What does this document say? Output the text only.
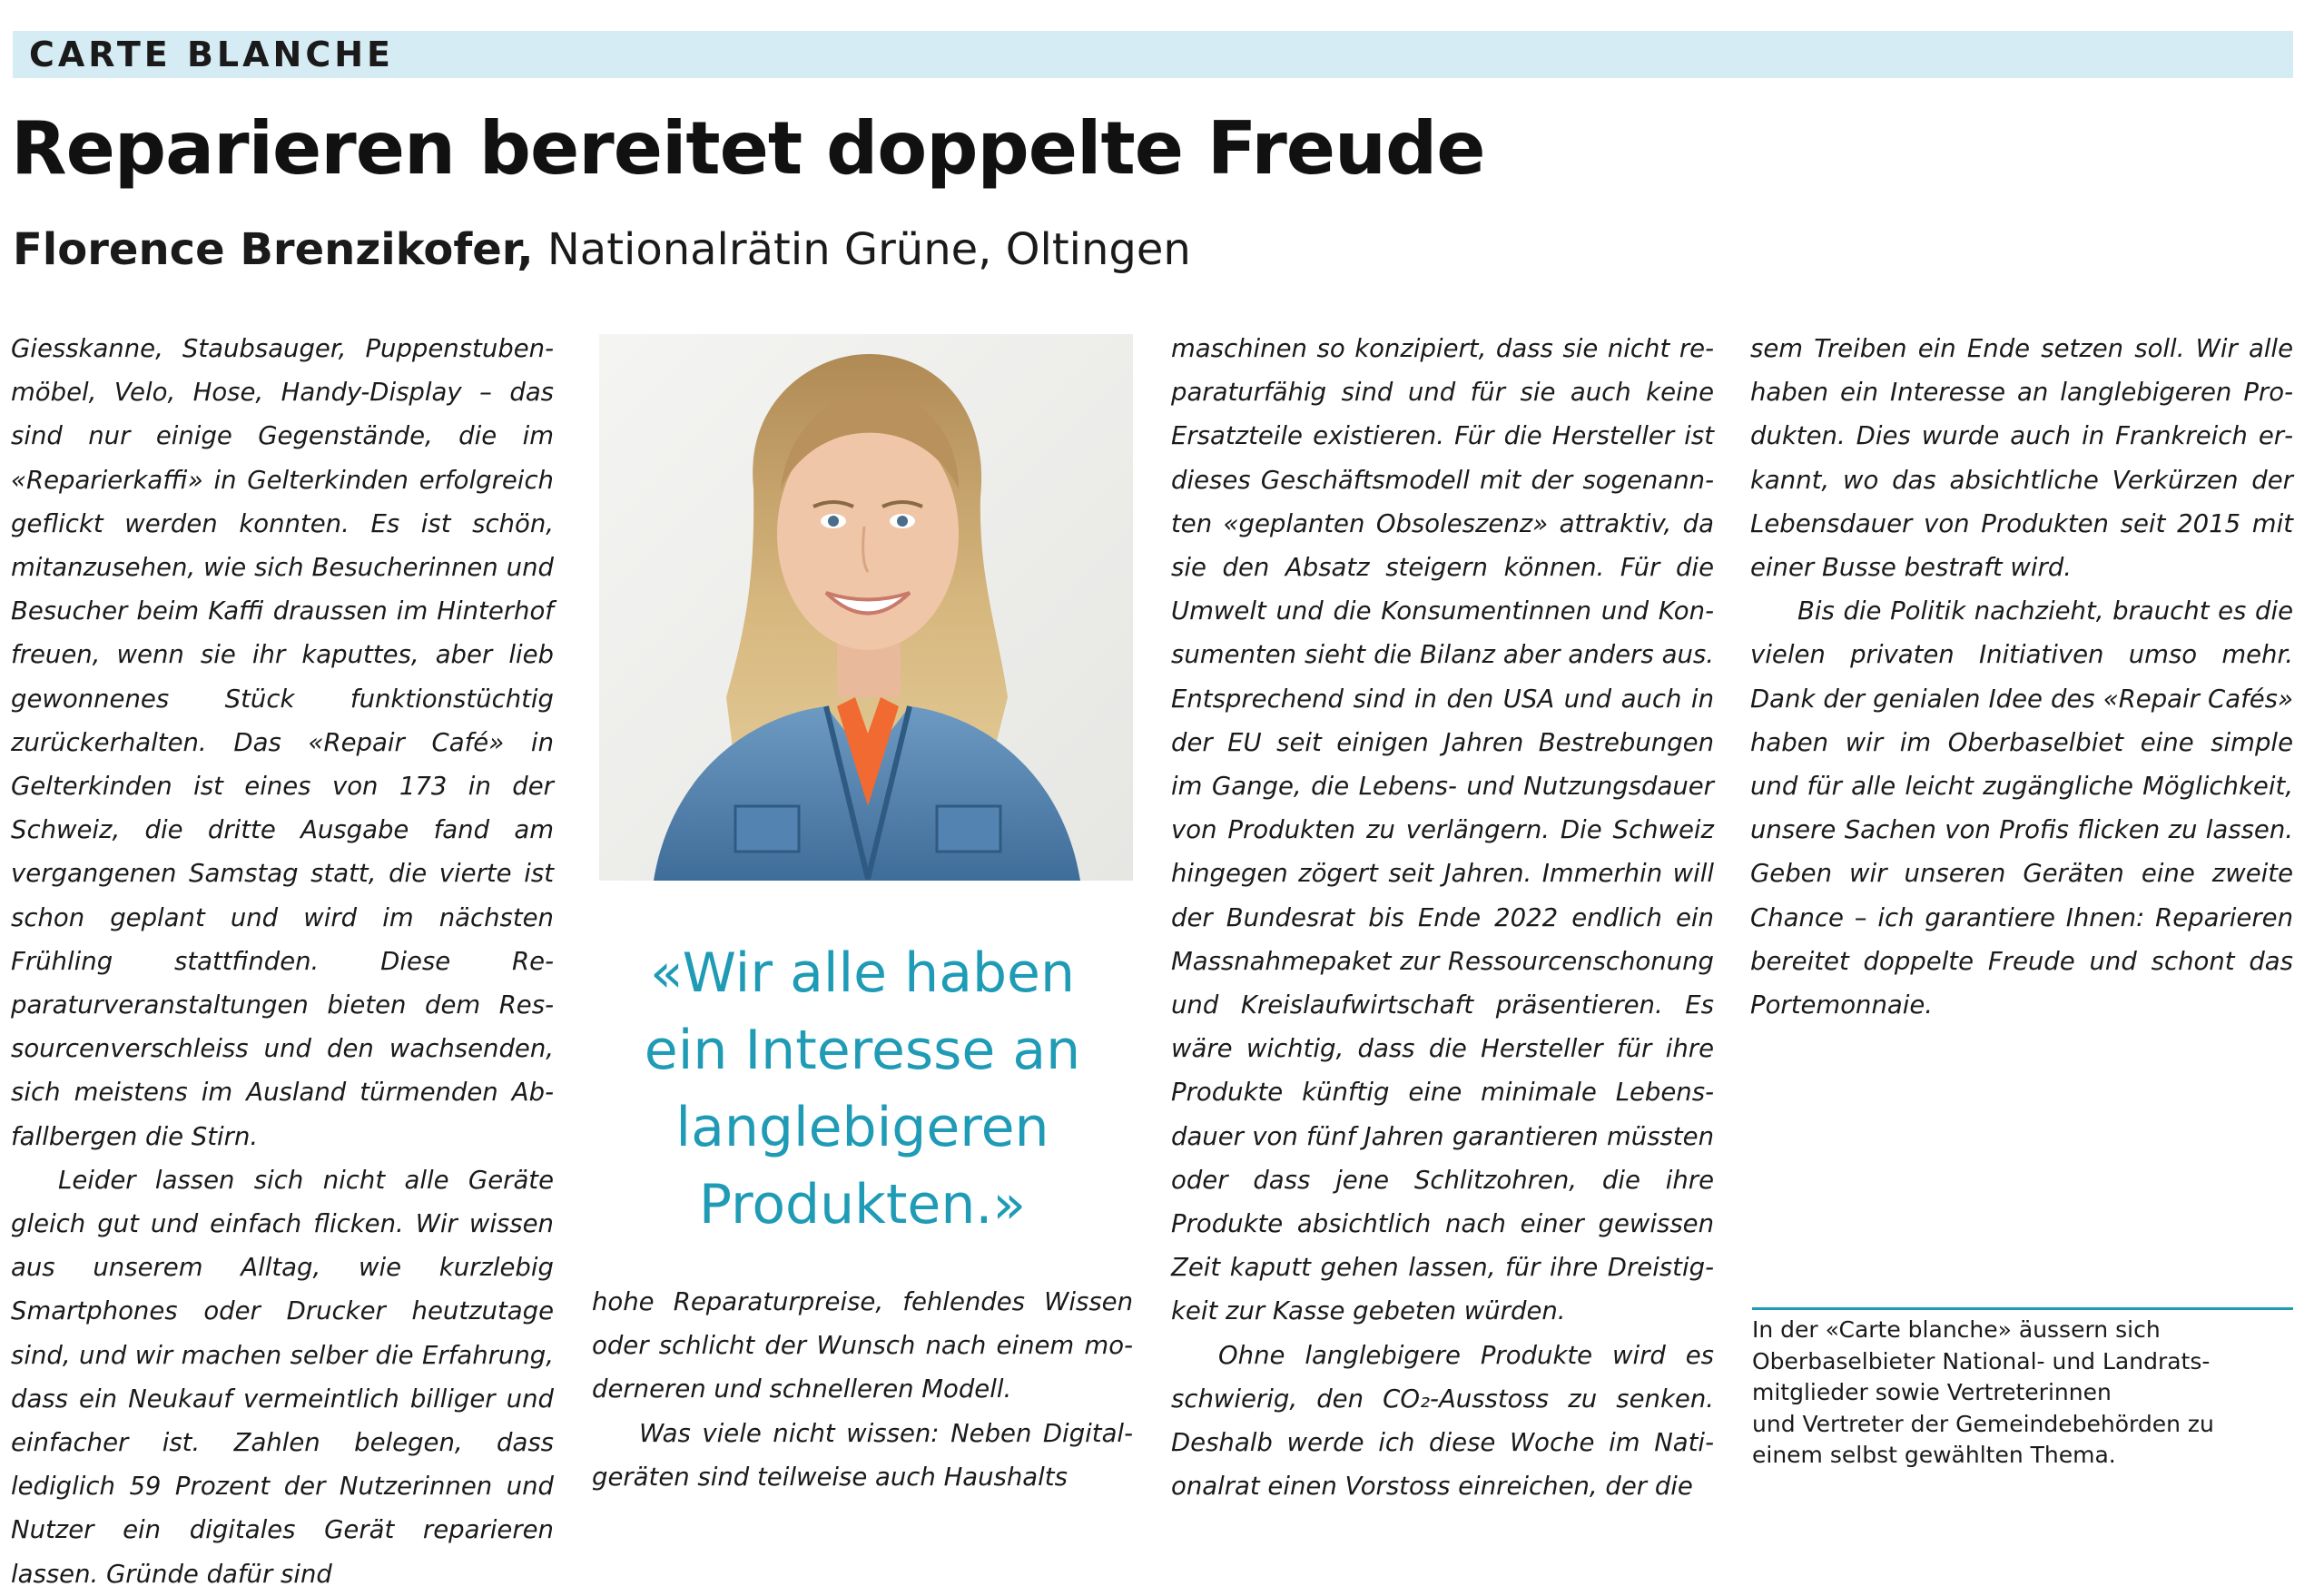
CARTE BLANCHE
Reparieren bereitet doppelte Freude
Florence Brenzikofer, Nationalrätin Grüne, Oltingen

Giesskanne, Staubsauger, Puppenstubenmöbel, Velo, Hose, Handy-Display – das sind nur einige Gegenstände, die im «Reparierkaffi» in Gelterkinden erfolgreich geflickt werden konnten. Es ist schön, mitanzusehen, wie sich Besucherinnen und Besucher beim Kaffi draussen im Hinterhof freuen, wenn sie ihr kaputtes, aber lieb gewonnenes Stück funktionstüchtig zurückerhalten. Das «Repair Café» in Gelterkinden ist eines von 173 in der Schweiz, die dritte Ausgabe fand am vergangenen Samstag statt, die vierte ist schon geplant und wird im nächsten Frühling stattfinden. Diese Reparaturveranstaltungen bieten dem Ressourcenverschleiss und den wachsenden, sich meistens im Ausland türmenden Abfallbergen die Stirn.

Leider lassen sich nicht alle Geräte gleich gut und einfach flicken. Wir wissen aus unserem Alltag, wie kurzlebig Smartphones oder Drucker heutzutage sind, und wir machen selber die Erfahrung, dass ein Neukauf vermeintlich billiger und einfacher ist. Zahlen belegen, dass lediglich 59 Prozent der Nutzerinnen und Nutzer ein digitales Gerät reparieren lassen. Gründe dafür sind

«Wir alle haben
ein Interesse an
langlebigeren
Produkten.»

hohe Reparaturpreise, fehlendes Wissen oder schlicht der Wunsch nach einem moderneren und schnelleren Modell.

Was viele nicht wissen: Neben Digitalgeräten sind teilweise auch Haushalts

maschinen so konzipiert, dass sie nicht reparaturfähig sind und für sie auch keine Ersatzteile existieren. Für die Hersteller ist dieses Geschäftsmodell mit der sogenannten «geplanten Obsoleszenz» attraktiv, da sie den Absatz steigern können. Für die Umwelt und die Konsumentinnen und Konsumenten sieht die Bilanz aber anders aus. Entsprechend sind in den USA und auch in der EU seit einigen Jahren Bestrebungen im Gange, die Lebens- und Nutzungsdauer von Produkten zu verlängern. Die Schweiz hingegen zögert seit Jahren. Immerhin will der Bundesrat bis Ende 2022 endlich ein Massnahmepaket zur Ressourcenschonung und Kreislaufwirtschaft präsentieren. Es wäre wichtig, dass die Hersteller für ihre Produkte künftig eine minimale Lebensdauer von fünf Jahren garantieren müssten oder dass jene Schlitzohren, die ihre Produkte absichtlich nach einer gewissen Zeit kaputt gehen lassen, für ihre Dreistigkeit zur Kasse gebeten würden.

Ohne langlebigere Produkte wird es schwierig, den CO₂-Ausstoss zu senken. Deshalb werde ich diese Woche im Nationalrat einen Vorstoss einreichen, der die

sem Treiben ein Ende setzen soll. Wir alle haben ein Interesse an langlebigeren Produkten. Dies wurde auch in Frankreich erkannt, wo das absichtliche Verkürzen der Lebensdauer von Produkten seit 2015 mit einer Busse bestraft wird.

Bis die Politik nachzieht, braucht es die vielen privaten Initiativen umso mehr. Dank der genialen Idee des «Repair Cafés» haben wir im Oberbaselbiet eine simple und für alle leicht zugängliche Möglichkeit, unsere Sachen von Profis flicken zu lassen. Geben wir unseren Geräten eine zweite Chance – ich garantiere Ihnen: Reparieren bereitet doppelte Freude und schont das Portemonnaie.

In der «Carte blanche» äussern sich
Oberbaselbieter National- und Landrats-
mitglieder sowie Vertreterinnen
und Vertreter der Gemeindebehörden zu
einem selbst gewählten Thema.
